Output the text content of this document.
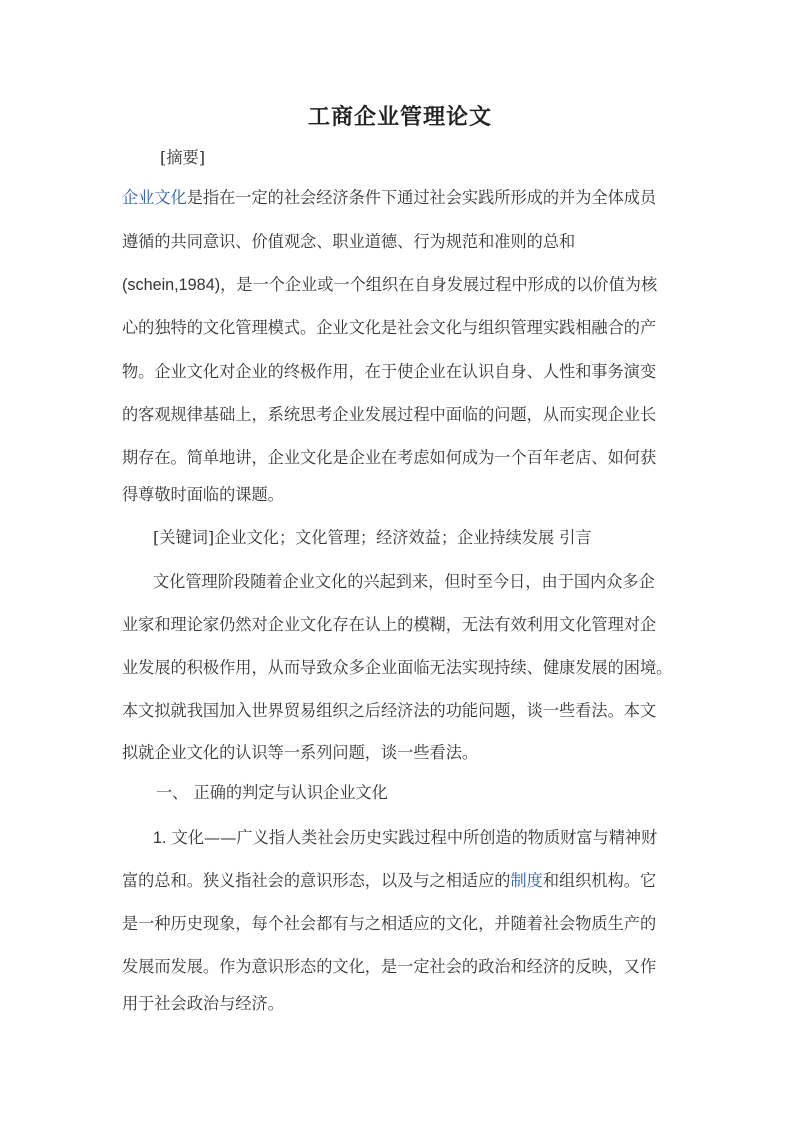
工商企业管理论文
[摘要]
企业文化是指在一定的社会经济条件下通过社会实践所形成的并为全体成员
遵循的共同意识、价值观念、职业道德、行为规范和准则的总和
(schein,1984)，是一个企业或一个组织在自身发展过程中形成的以价值为核
心的独特的文化管理模式。企业文化是社会文化与组织管理实践相融合的产
物。企业文化对企业的终极作用，在于使企业在认识自身、人性和事务演变
的客观规律基础上，系统思考企业发展过程中面临的问题，从而实现企业长
期存在。简单地讲，企业文化是企业在考虑如何成为一个百年老店、如何获
得尊敬时面临的课题。
[关键词]企业文化；文化管理；经济效益；企业持续发展 引言
文化管理阶段随着企业文化的兴起到来，但时至今日，由于国内众多企
业家和理论家仍然对企业文化存在认上的模糊，无法有效利用文化管理对企
业发展的积极作用，从而导致众多企业面临无法实现持续、健康发展的困境。
本文拟就我国加入世界贸易组织之后经济法的功能问题，谈一些看法。本文
拟就企业文化的认识等一系列问题，谈一些看法。
一、 正确的判定与认识企业文化
1. 文化——广义指人类社会历史实践过程中所创造的物质财富与精神财
富的总和。狭义指社会的意识形态，以及与之相适应的制度和组织机构。它
是一种历史现象，每个社会都有与之相适应的文化，并随着社会物质生产的
发展而发展。作为意识形态的文化，是一定社会的政治和经济的反映，又作
用于社会政治与经济。
